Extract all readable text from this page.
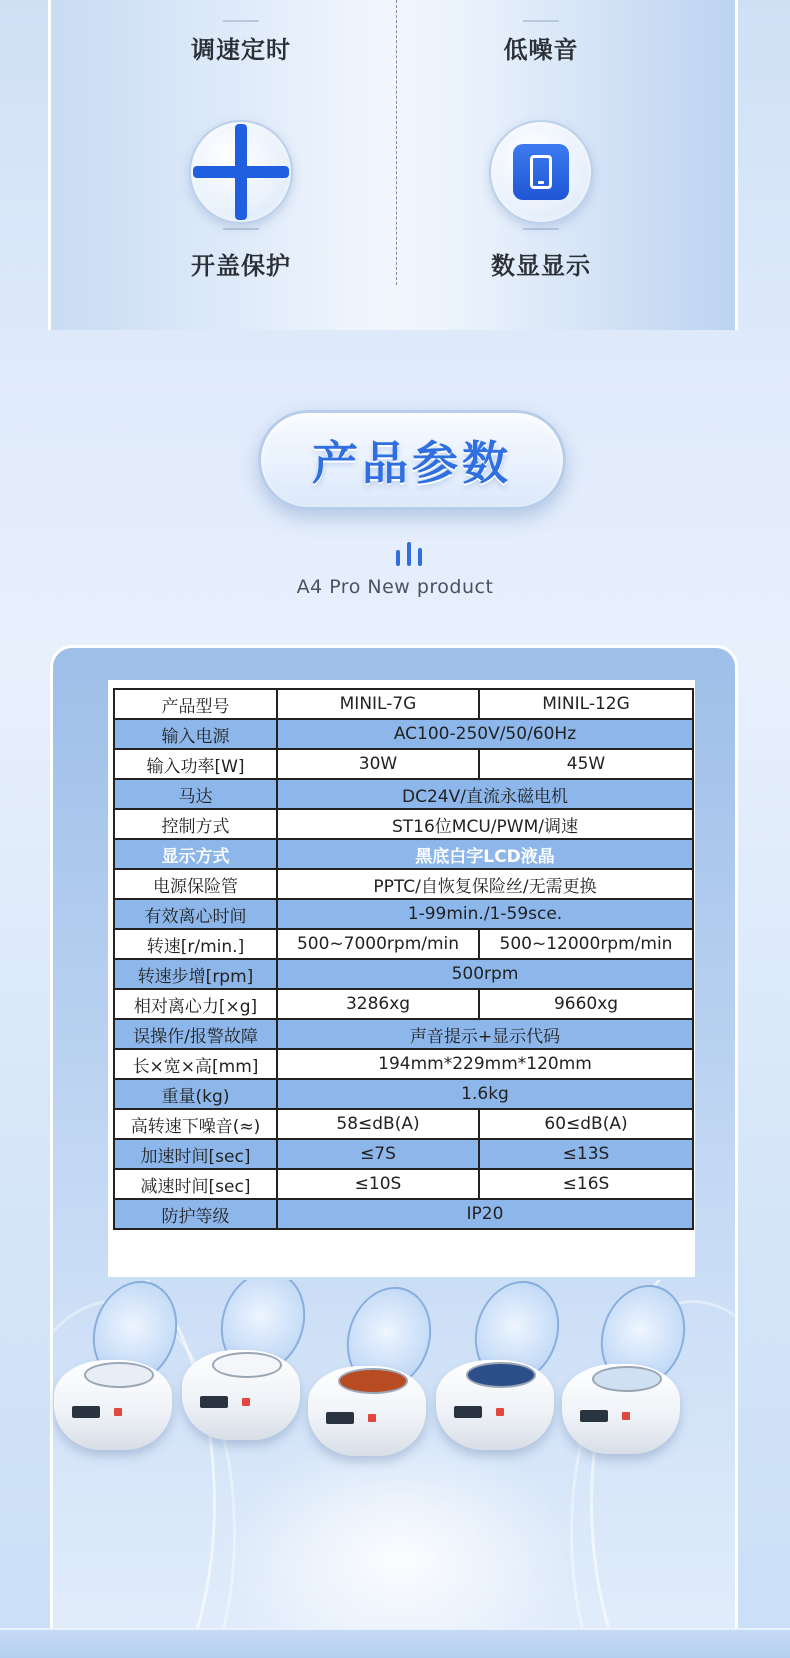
调速定时	低噪音
开盖保护	数显显示
产品参数
A4 Pro New product
产品型号	MINIL-7G	MINIL-12G
输入电源	AC100-250V/50/60Hz	
输入功率[W]	30W	45W
马达	DC24V/直流永磁电机	
控制方式	ST16位MCU/PWM/调速	
显示方式	黑底白字LCD液晶	
电源保险管	PPTC/自恢复保险丝/无需更换	
有效离心时间	1-99min./1-59sce.	
转速[r/min.]	500~7000rpm/min	500~12000rpm/min
转速步增[rpm]	500rpm	
相对离心力[×g]	3286xg	9660xg
误操作/报警故障	声音提示+显示代码	
长×宽×高[mm]	194mm*229mm*120mm	
重量(kg)	1.6kg	
高转速下噪音(≈)	58≤dB(A)	60≤dB(A)
加速时间[sec]	≤7S	≤13S
减速时间[sec]	≤10S	≤16S
防护等级	IP20	
